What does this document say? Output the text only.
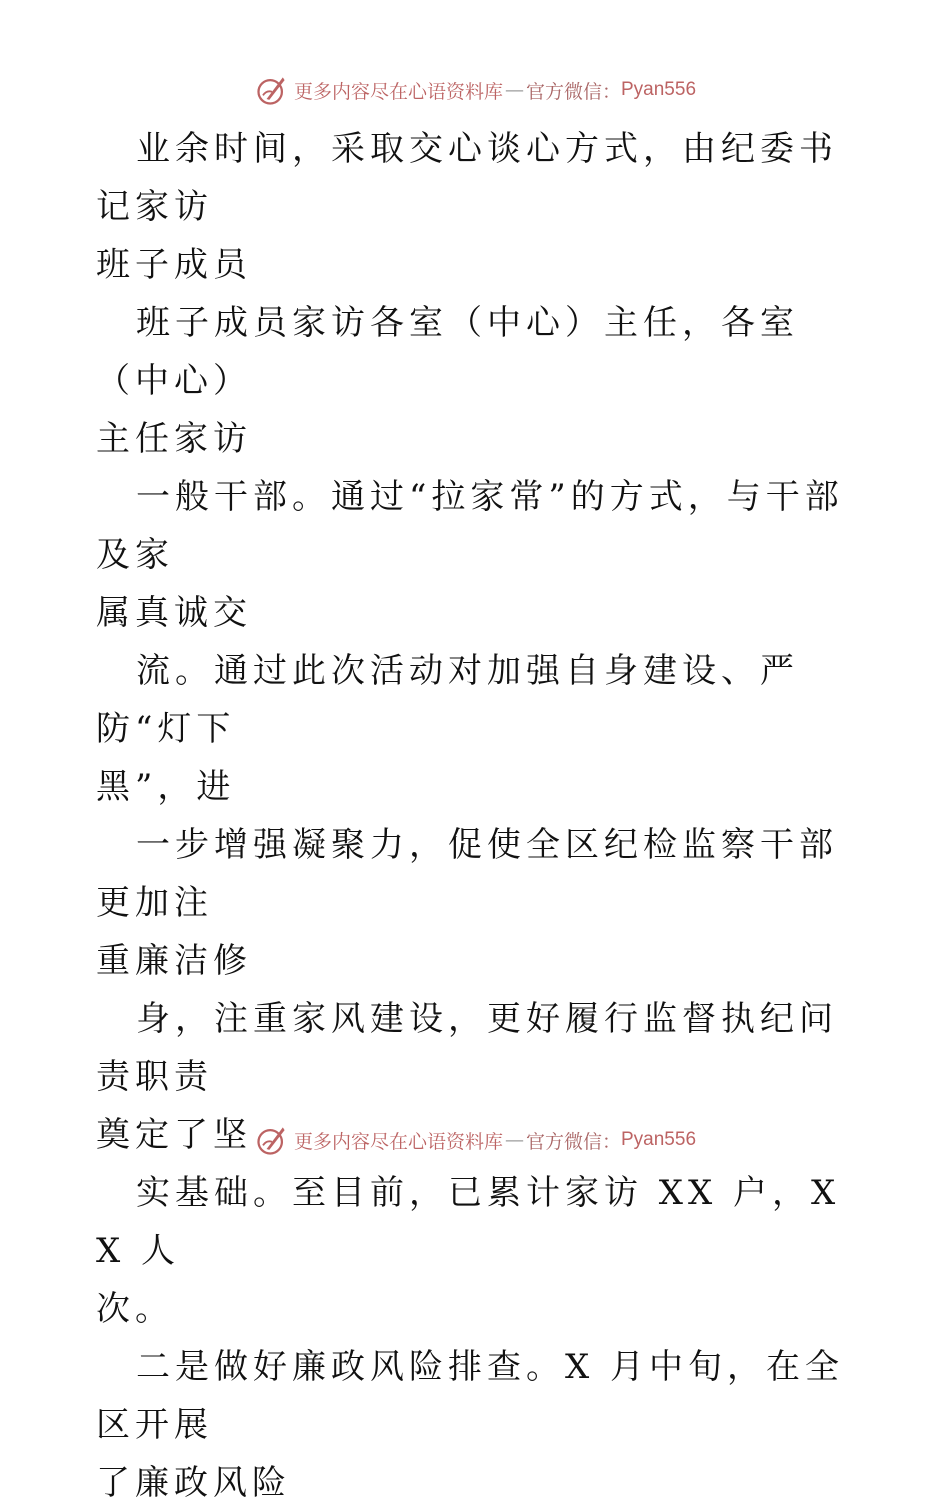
更多内容尽在心语资料库 — 官方微信： Pyan556

业余时间，采取交心谈心方式，由纪委书记家访
班子成员

班子成员家访各室（中心）主任，各室（中心）
主任家访

一般干部。通过“拉家常”的方式，与干部及家
属真诚交

流。通过此次活动对加强自身建设、严防“灯下
黑”，进

一步增强凝聚力，促使全区纪检监察干部更加注
重廉洁修

身，注重家风建设，更好履行监督执纪问责职责
奠定了坚

实基础。至目前，已累计家访 XX 户，XX 人
次。

二是做好廉政风险排查。X 月中旬，在全区开展
了廉政风险

更多内容尽在心语资料库 — 官方微信： Pyan556
